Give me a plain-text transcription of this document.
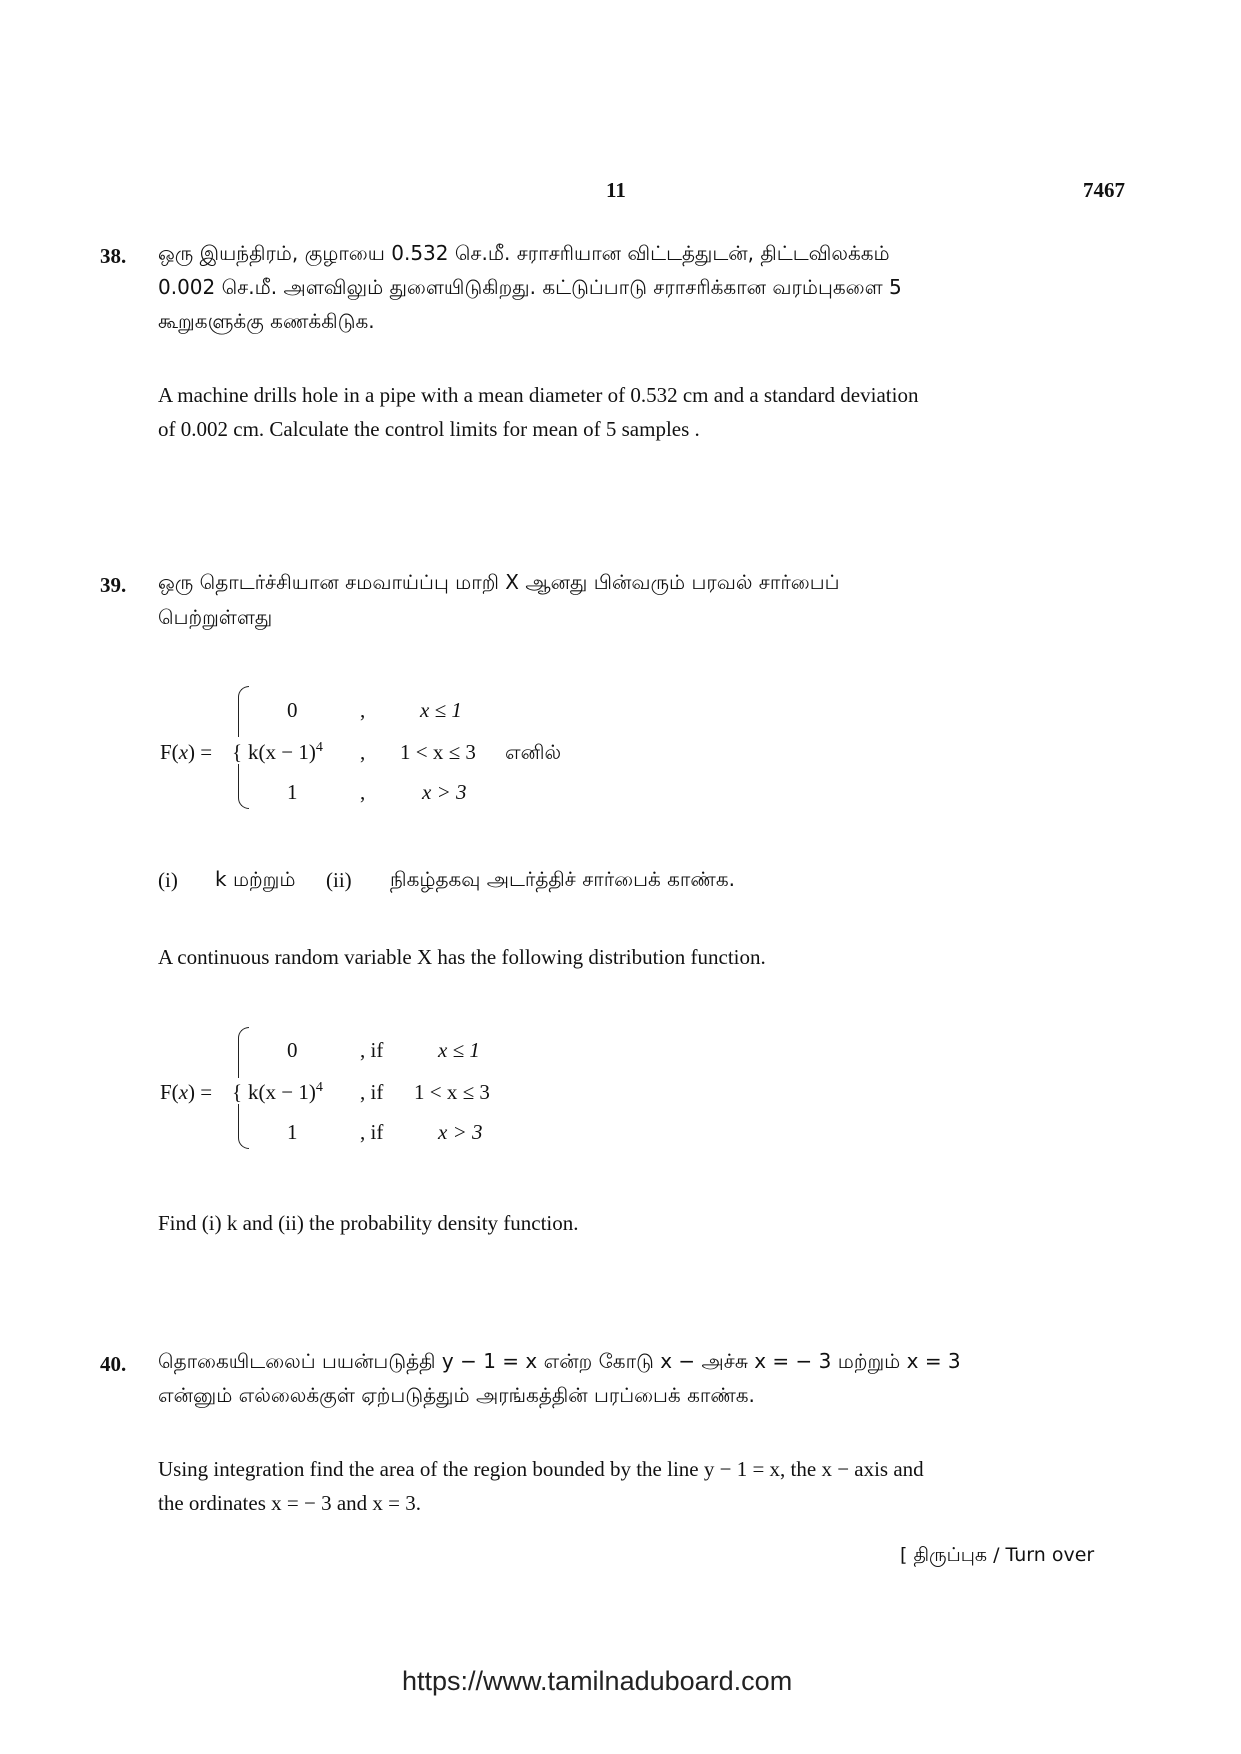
11	7467
38. ஒரு இயந்திரம், குழாயை 0.532 செ.மீ. சராசரியான விட்டத்துடன், திட்டவிலக்கம்
0.002 செ.மீ. அளவிலும் துளையிடுகிறது. கட்டுப்பாடு சராசரிக்கான வரம்புகளை 5
கூறுகளுக்கு கணக்கிடுக.
A machine drills hole in a pipe with a mean diameter of 0.532 cm and a standard deviation
of 0.002 cm. Calculate the control limits for mean of 5 samples .
39. ஒரு தொடர்ச்சியான சமவாய்ப்பு மாறி X ஆனது பின்வரும் பரவல் சார்பைப்
பெற்றுள்ளது
F(x) = {
0	,	x ≤ 1
$k(x - 1)^4$ , 1 < x ≤ 3 எனில்
1	,	x > 3
(i) k மற்றும் (ii) நிகழ்தகவு அடர்த்திச் சார்பைக் காண்க.
A continuous random variable X has the following distribution function.
F(x) = {
0	, if	x ≤ 1
$k(x - 1)^4$ , if 1 < x ≤ 3
1	, if	x > 3
Find (i) k and (ii) the probability density function.
40. தொகையிடலைப் பயன்படுத்தி y − 1 = x என்ற கோடு x − அச்சு x = − 3 மற்றும் x = 3
என்னும் எல்லைக்குள் ஏற்படுத்தும் அரங்கத்தின் பரப்பைக் காண்க.
Using integration find the area of the region bounded by the line y − 1 = x, the x − axis and
the ordinates x = − 3 and x = 3.
[ திருப்புக / Turn over
https://www.tamilnaduboard.com
